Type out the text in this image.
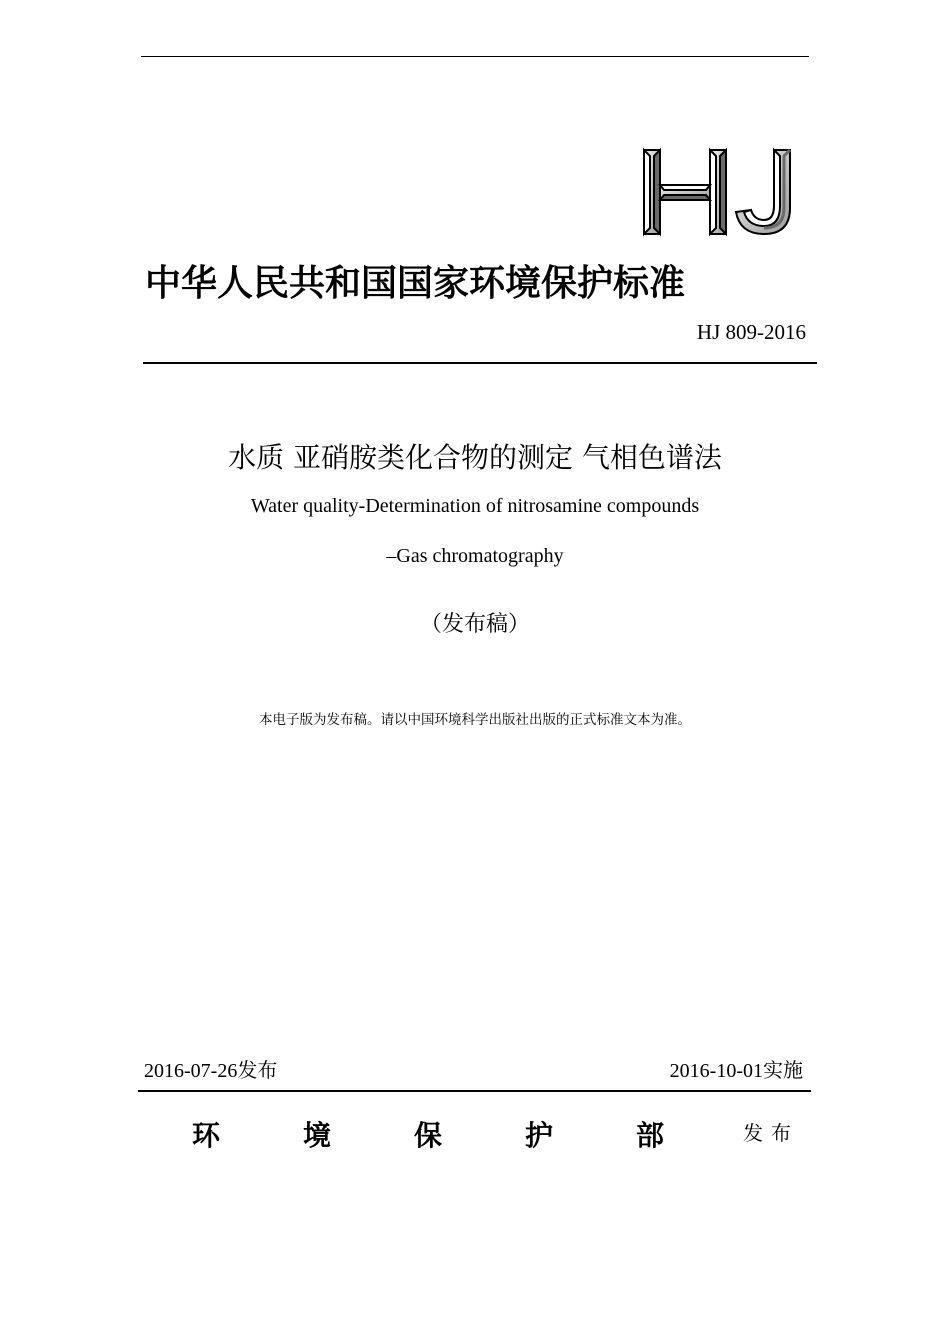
中华人民共和国国家环境保护标准
HJ 809-2016
水质 亚硝胺类化合物的测定 气相色谱法
Water quality-Determination of nitrosamine compounds
–Gas chromatography
（发布稿）
本电子版为发布稿。请以中国环境科学出版社出版的正式标准文本为准。
2016-07-26发布	2016-10-01实施
环	境	保	护	部	发布
